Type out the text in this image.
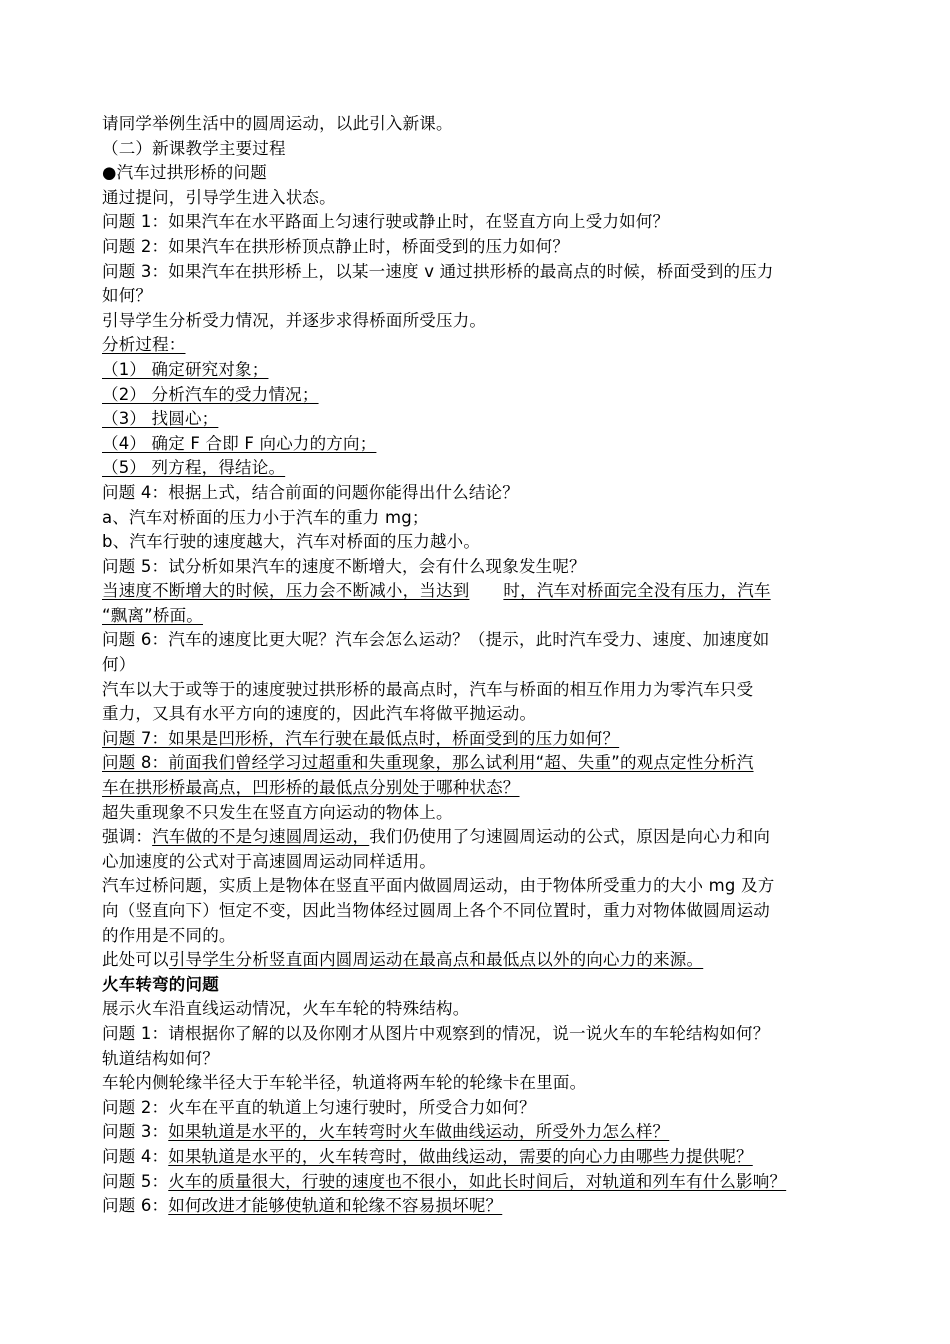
请同学举例生活中的圆周运动，以此引入新课。
（二）新课教学主要过程
●汽车过拱形桥的问题
通过提问，引导学生进入状态。
问题 1：如果汽车在水平路面上匀速行驶或静止时，在竖直方向上受力如何？
问题 2：如果汽车在拱形桥顶点静止时，桥面受到的压力如何？
问题 3：如果汽车在拱形桥上，以某一速度 v 通过拱形桥的最高点的时候，桥面受到的压力
如何？
引导学生分析受力情况，并逐步求得桥面所受压力。
分析过程：
（1） 确定研究对象；
（2） 分析汽车的受力情况；
（3） 找圆心；
（4） 确定 F 合即 F 向心力的方向；
（5） 列方程，得结论。
问题 4：根据上式，结合前面的问题你能得出什么结论？
a、汽车对桥面的压力小于汽车的重力 mg；
b、汽车行驶的速度越大，汽车对桥面的压力越小。
问题 5：试分析如果汽车的速度不断增大，会有什么现象发生呢？
当速度不断增大的时候，压力会不断减小，当达到 时，汽车对桥面完全没有压力，汽车
“飘离”桥面。
问题 6：汽车的速度比更大呢？汽车会怎么运动？（提示，此时汽车受力、速度、加速度如
何）
汽车以大于或等于的速度驶过拱形桥的最高点时，汽车与桥面的相互作用力为零汽车只受
重力，又具有水平方向的速度的，因此汽车将做平抛运动。
问题 7：如果是凹形桥，汽车行驶在最低点时，桥面受到的压力如何？
问题 8：前面我们曾经学习过超重和失重现象，那么试利用“超、失重”的观点定性分析汽
车在拱形桥最高点，凹形桥的最低点分别处于哪种状态？
超失重现象不只发生在竖直方向运动的物体上。
强调：汽车做的不是匀速圆周运动，我们仍使用了匀速圆周运动的公式，原因是向心力和向
心加速度的公式对于高速圆周运动同样适用。
汽车过桥问题，实质上是物体在竖直平面内做圆周运动，由于物体所受重力的大小 mg 及方
向（竖直向下）恒定不变，因此当物体经过圆周上各个不同位置时，重力对物体做圆周运动
的作用是不同的。
此处可以引导学生分析竖直面内圆周运动在最高点和最低点以外的向心力的来源。
火车转弯的问题
展示火车沿直线运动情况，火车车轮的特殊结构。
问题 1：请根据你了解的以及你刚才从图片中观察到的情况，说一说火车的车轮结构如何？
轨道结构如何？
车轮内侧轮缘半径大于车轮半径，轨道将两车轮的轮缘卡在里面。
问题 2：火车在平直的轨道上匀速行驶时，所受合力如何？
问题 3：如果轨道是水平的，火车转弯时火车做曲线运动，所受外力怎么样？
问题 4：如果轨道是水平的，火车转弯时，做曲线运动，需要的向心力由哪些力提供呢？
问题 5：火车的质量很大，行驶的速度也不很小，如此长时间后，对轨道和列车有什么影响？
问题 6：如何改进才能够使轨道和轮缘不容易损坏呢？
